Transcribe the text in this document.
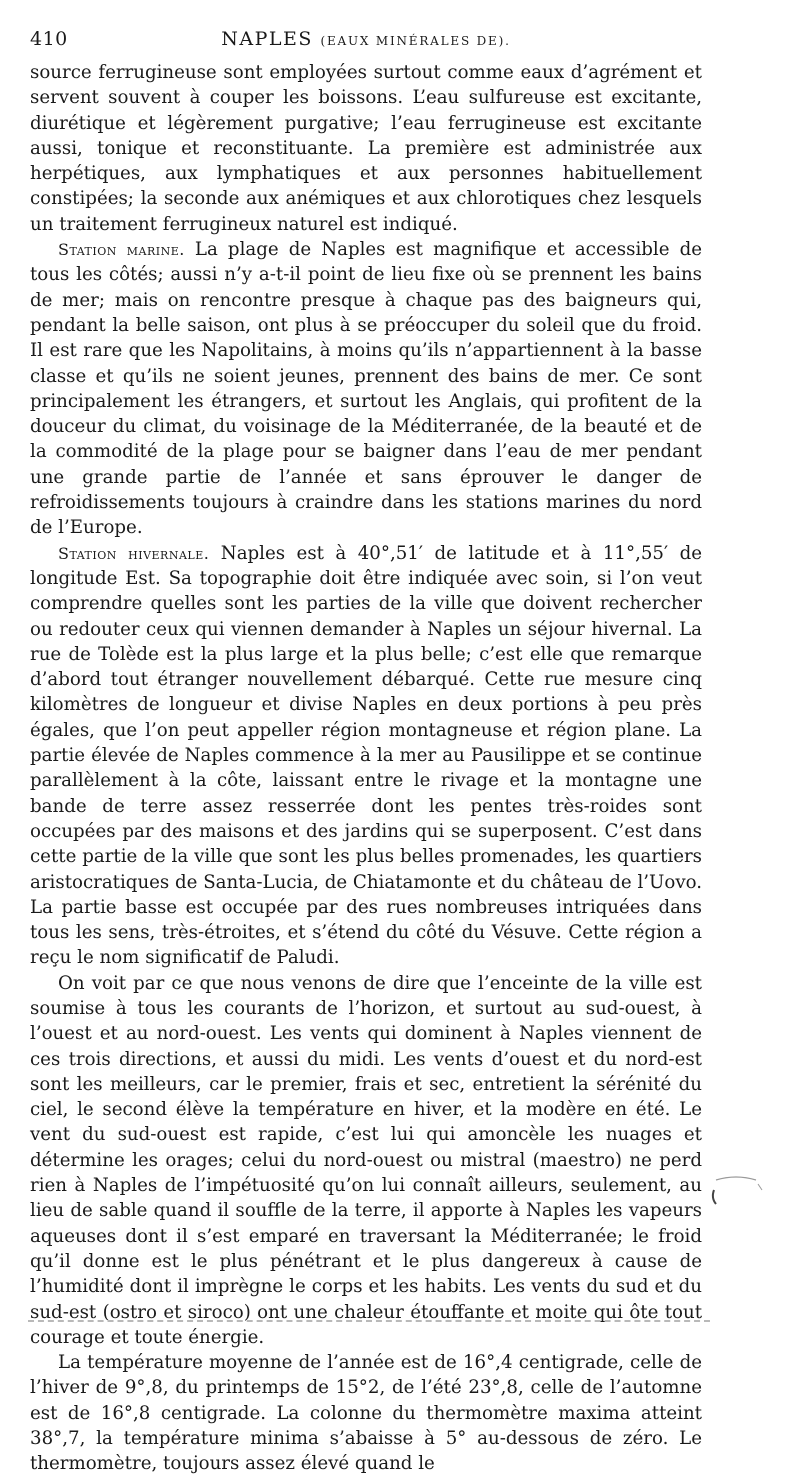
410	NAPLES (EAUX MINÉRALES DE).

source ferrugineuse sont employées surtout comme eaux d’agrément et servent souvent à couper les boissons. L’eau sulfureuse est excitante, diurétique et légèrement purgative; l’eau ferrugineuse est excitante aussi, tonique et reconstituante. La première est administrée aux herpétiques, aux lymphatiques et aux personnes habituellement constipées; la seconde aux anémiques et aux chlorotiques chez lesquels un traitement ferrugineux naturel est indiqué.

Station marine. La plage de Naples est magnifique et accessible de tous les côtés; aussi n’y a-t-il point de lieu fixe où se prennent les bains de mer; mais on rencontre presque à chaque pas des baigneurs qui, pendant la belle saison, ont plus à se préoccuper du soleil que du froid. Il est rare que les Napolitains, à moins qu’ils n’appartiennent à la basse classe et qu’ils ne soient jeunes, prennent des bains de mer. Ce sont principalement les étrangers, et surtout les Anglais, qui profitent de la douceur du climat, du voisinage de la Méditerranée, de la beauté et de la commodité de la plage pour se baigner dans l’eau de mer pendant une grande partie de l’année et sans éprouver le danger de refroidissements toujours à craindre dans les stations marines du nord de l’Europe.

Station hivernale. Naples est à 40°,51′ de latitude et à 11°,55′ de longitude Est. Sa topographie doit être indiquée avec soin, si l’on veut comprendre quelles sont les parties de la ville que doivent rechercher ou redouter ceux qui viennen demander à Naples un séjour hivernal. La rue de Tolède est la plus large et la plus belle; c’est elle que remarque d’abord tout étranger nouvellement débarqué. Cette rue mesure cinq kilomètres de longueur et divise Naples en deux portions à peu près égales, que l’on peut appeller région montagneuse et région plane. La partie élevée de Naples commence à la mer au Pausilippe et se continue parallèlement à la côte, laissant entre le rivage et la montagne une bande de terre assez resserrée dont les pentes très-roides sont occupées par des maisons et des jardins qui se superposent. C’est dans cette partie de la ville que sont les plus belles promenades, les quartiers aristocratiques de Santa-Lucia, de Chiatamonte et du château de l’Uovo. La partie basse est occupée par des rues nombreuses intriquées dans tous les sens, très-étroites, et s’étend du côté du Vésuve. Cette région a reçu le nom significatif de Paludi.

On voit par ce que nous venons de dire que l’enceinte de la ville est soumise à tous les courants de l’horizon, et surtout au sud-ouest, à l’ouest et au nord-ouest. Les vents qui dominent à Naples viennent de ces trois directions, et aussi du midi. Les vents d’ouest et du nord-est sont les meilleurs, car le premier, frais et sec, entretient la sérénité du ciel, le second élève la température en hiver, et la modère en été. Le vent du sud-ouest est rapide, c’est lui qui amoncèle les nuages et détermine les orages; celui du nord-ouest ou mistral (maestro) ne perd rien à Naples de l’impétuosité qu’on lui connaît ailleurs, seulement, au lieu de sable quand il souffle de la terre, il apporte à Naples les vapeurs aqueuses dont il s’est emparé en traversant la Méditerranée; le froid qu’il donne est le plus pénétrant et le plus dangereux à cause de l’humidité dont il imprègne le corps et les habits. Les vents du sud et du sud-est (ostro et siroco) ont une chaleur étouffante et moite qui ôte tout courage et toute énergie.

La température moyenne de l’année est de 16°,4 centigrade, celle de l’hiver de 9°,8, du printemps de 15°2, de l’été 23°,8, celle de l’automne est de 16°,8 centigrade. La colonne du thermomètre maxima atteint 38°,7, la température minima s’abaisse à 5° au-dessous de zéro. Le thermomètre, toujours assez élevé quand le
